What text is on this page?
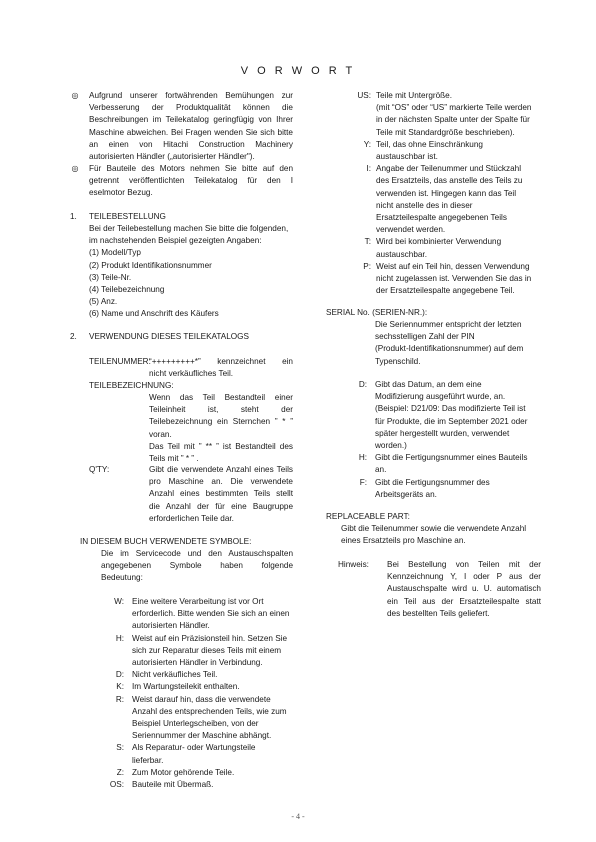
V O R W O R T
◎ Aufgrund unserer fortwährenden Bemühungen zur
Verbesserung der Produktqualität können die
Beschreibungen im Teilekatalog geringfügig von Ihrer
Maschine abweichen. Bei Fragen wenden Sie sich bitte
an einen von Hitachi Construction Machinery
autorisierten Händler („autorisierter Händler").
◎ Für Bauteile des Motors nehmen Sie bitte auf den
getrennt veröffentlichten Teilekatalog für den I
eselmotor Bezug.
1. TEILEBESTELLUNG
Bei der Teilebestellung machen Sie bitte die folgenden,
im nachstehenden Beispiel gezeigten Angaben:
(1) Modell/Typ
(2) Produkt Identifikationsnummer
(3) Teile-Nr.
(4) Teilebezeichnung
(5) Anz.
(6) Name und Anschrift des Käufers
2. VERWENDUNG DIESES TEILEKATALOGS
TEILENUMMER:
“+++++++++*” kennzeichnet ein
nicht verkäufliches Teil.
TEILEBEZEICHNUNG:
Wenn das Teil Bestandteil einer
Teileinheit ist, steht der
Teilebezeichnung ein Sternchen ” * ”
voran.
Das Teil mit ” ** ” ist Bestandteil des
Teils mit ” * ” .
Q'TY:	Gibt die verwendete Anzahl eines Teils
pro Maschine an. Die verwendete
Anzahl eines bestimmten Teils stellt
die Anzahl der für eine Baugruppe
erforderlichen Teile dar.
IN DIESEM BUCH VERWENDETE SYMBOLE:
Die im Servicecode und den Austauschspalten
angegebenen Symbole haben folgende
Bedeutung:
W: Eine weitere Verarbeitung ist vor Ort
erforderlich. Bitte wenden Sie sich an einen
autorisierten Händler.
H: Weist auf ein Präzisionsteil hin. Setzen Sie
sich zur Reparatur dieses Teils mit einem
autorisierten Händler in Verbindung.
D: Nicht verkäufliches Teil.
K: Im Wartungsteilekit enthalten.
R: Weist darauf hin, dass die verwendete
Anzahl des entsprechenden Teils, wie zum
Beispiel Unterlegscheiben, von der
Seriennummer der Maschine abhängt.
S: Als Reparatur- oder Wartungsteile
lieferbar.
Z: Zum Motor gehörende Teile.
OS: Bauteile mit Übermaß.
US: Teile mit Untergröße.
(mit “OS” oder “US” markierte Teile werden
in der nächsten Spalte unter der Spalte für
Teile mit Standardgröße beschrieben).
Y: Teil, das ohne Einschränkung
austauschbar ist.
I: Angabe der Teilenummer und Stückzahl
des Ersatzteils, das anstelle des Teils zu
verwenden ist. Hingegen kann das Teil
nicht anstelle des in dieser
Ersatzteilespalte angegebenen Teils
verwendet werden.
T: Wird bei kombinierter Verwendung
austauschbar.
P: Weist auf ein Teil hin, dessen Verwendung
nicht zugelassen ist. Verwenden Sie das in
der Ersatzteilespalte angegebene Teil.
SERIAL No. (SERIEN-NR.):
Die Seriennummer entspricht der letzten
sechsstelligen Zahl der PIN
(Produkt-Identifikationsnummer) auf dem
Typenschild.
D: Gibt das Datum, an dem eine
Modifizierung ausgeführt wurde, an.
(Beispiel: D21/09: Das modifizierte Teil ist
für Produkte, die im September 2021 oder
später hergestellt wurden, verwendet
worden.)
H: Gibt die Fertigungsnummer eines Bauteils
an.
F: Gibt die Fertigungsnummer des
Arbeitsgeräts an.
REPLACEABLE PART:
Gibt die Teilenummer sowie die verwendete Anzahl
eines Ersatzteils pro Maschine an.
Hinweis: Bei Bestellung von Teilen mit der
Kennzeichnung Y, I oder P aus der
Austauschspalte wird u. U. automatisch
ein Teil aus der Ersatzteilespalte statt
des bestellten Teils geliefert.
- 4 -
